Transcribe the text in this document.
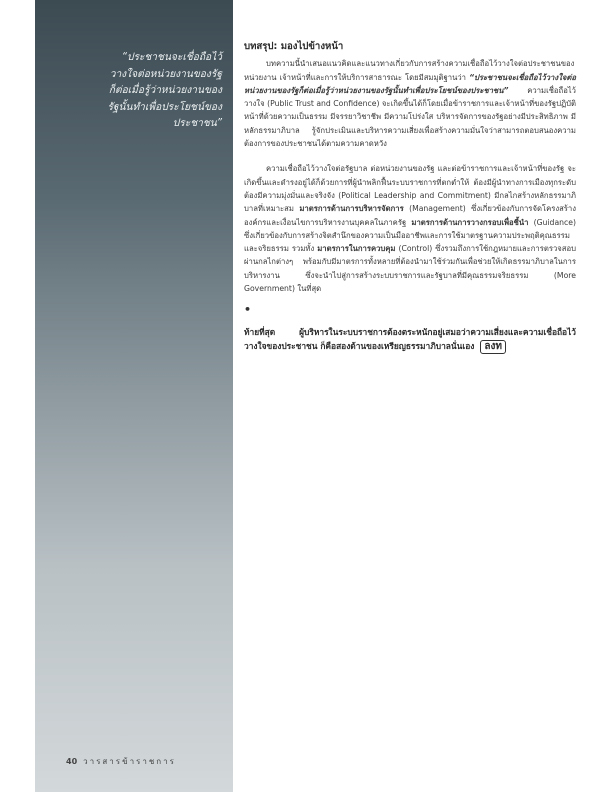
“ประชาชนจะเชื่อถือไว้วางใจต่อหน่วยงานของรัฐก็ต่อเมื่อรู้ว่าหน่วยงานของรัฐนั้นทำเพื่อประโยชน์ของประชาชน”
บทสรุป: มองไปข้างหน้า

บทความนี้นำเสนอแนวคิดและแนวทางเกี่ยวกับการสร้างความเชื่อถือไว้วางใจต่อประชาชนของหน่วยงาน เจ้าหน้าที่และการให้บริการสาธารณะ โดยมีสมมุติฐานว่า “ประชาชนจะเชื่อถือไว้วางใจต่อหน่วยงานของรัฐก็ต่อเมื่อรู้ว่าหน่วยงานของรัฐนั้นทำเพื่อประโยชน์ของประชาชน” ความเชื่อถือไว้วางใจ (Public Trust and Confidence) จะเกิดขึ้นได้ก็โดยเมื่อข้าราชการและเจ้าหน้าที่ของรัฐปฏิบัติหน้าที่ด้วยความเป็นธรรม มีจรรยาวิชาชีพ มีความโปร่งใส บริหารจัดการของรัฐอย่างมีประสิทธิภาพ มีหลักธรรมาภิบาล รู้จักประเมินและบริหารความเสี่ยงเพื่อสร้างความมั่นใจว่าสามารถตอบสนองความต้องการของประชาชนได้ตามความคาดหวัง

ความเชื่อถือไว้วางใจต่อรัฐบาล ต่อหน่วยงานของรัฐ และต่อข้าราชการและเจ้าหน้าที่ของรัฐ จะเกิดขึ้นและดำรงอยู่ได้ก็ด้วยการที่ผู้นำพลิกฟื้นระบบราชการที่ตกต่ำให้ ต้องมีผู้นำทางการเมืองทุกระดับต้องมีความมุ่งมั่นและจริงจัง (Political Leadership and Commitment) มีกลไกสร้างหลักธรรมาภิบาลที่เหมาะสม มาตรการด้านการบริหารจัดการ (Management) ซึ่งเกี่ยวข้องกับการจัดโครงสร้างองค์กรและเงื่อนไขการบริหารงานบุคคลในภาครัฐ มาตรการด้านการวางกรอบเพื่อชี้นำ (Guidance) ซึ่งเกี่ยวข้องกับการสร้างจิตสำนึกของความเป็นมืออาชีพและการใช้มาตรฐานความประพฤติคุณธรรมและจริยธรรม รวมทั้ง มาตรการในการควบคุม (Control) ซึ่งรวมถึงการใช้กฎหมายและการตรวจสอบผ่านกลไกต่างๆ พร้อมกับมีมาตรการทั้งหลายที่ต้องนำมาใช้ร่วมกันเพื่อช่วยให้เกิดธรรมาภิบาลในการบริหารงาน ซึ่งจะนำไปสู่การสร้างระบบราชการและรัฐบาลที่มีคุณธรรมจริยธรรม (More Government) ในที่สุด

•

ท้ายที่สุด ผู้บริหารในระบบราชการต้องตระหนักอยู่เสมอว่าความเสี่ยงและความเชื่อถือไว้วางใจของประชาชน ก็คือสองด้านของเหรียญธรรมาภิบาลนั่นเอง ลงท

40 วารสารข้าราชการ
